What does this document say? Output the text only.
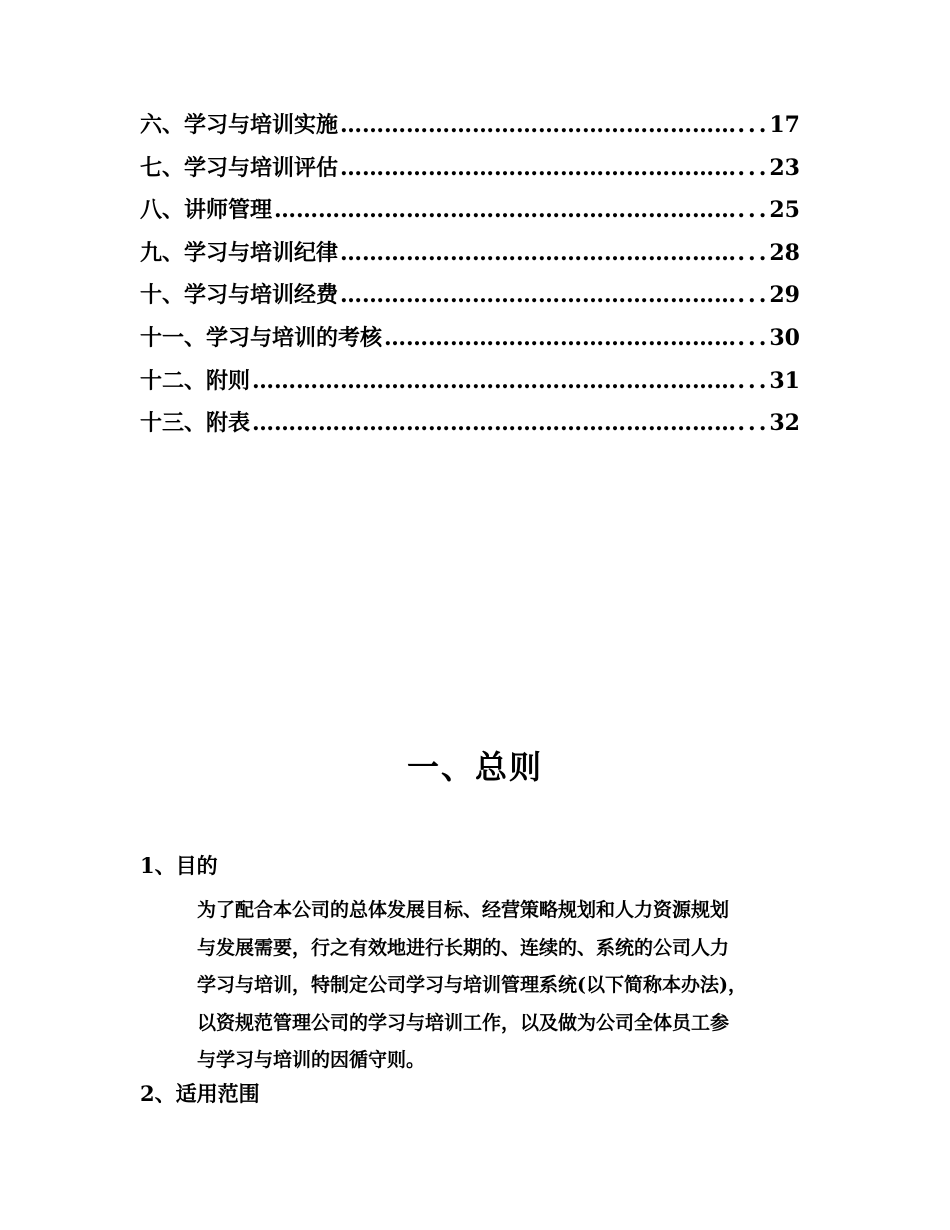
六、学习与培训实施 …………………………………………………………………………………………………………………………………………	... 17
七、学习与培训评估 …………………………………………………………………………………………………………………………………………	... 23
八、讲师管理 …………………………………………………………………………………………………………………………………………	... 25
九、学习与培训纪律 …………………………………………………………………………………………………………………………………………	... 28
十、学习与培训经费 …………………………………………………………………………………………………………………………………………	... 29
十一、学习与培训的考核 …………………………………………………………………………………………………………………………………………	... 30
十二、附则 …………………………………………………………………………………………………………………………………………	... 31
十三、附表 …………………………………………………………………………………………………………………………………………	... 32
一、总则
1、目的
为了配合本公司的总体发展目标、经营策略规划和人力资源规划
与发展需要，行之有效地进行长期的、连续的、系统的公司人力
学习与培训，特制定公司学习与培训管理系统(以下简称本办法)，
以资规范管理公司的学习与培训工作，以及做为公司全体员工参
与学习与培训的因循守则。
2、适用范围
